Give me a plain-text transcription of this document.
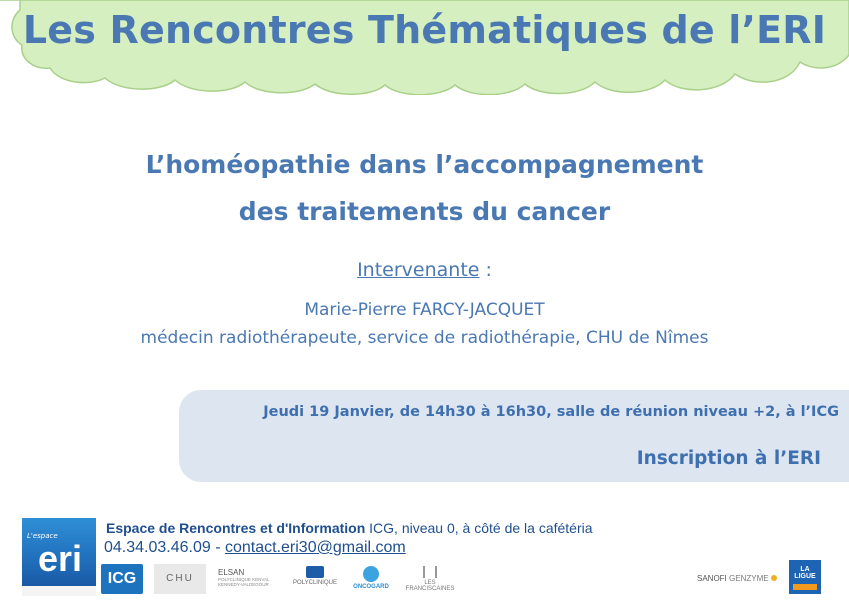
Les Rencontres Thématiques de l’ERI
L’homéopathie dans l’accompagnement
des traitements du cancer
Intervenante :
Marie-Pierre FARCY-JACQUET
médecin radiothérapeute, service de radiothérapie, CHU de Nîmes
Jeudi 19 Janvier, de 14h30 à 16h30, salle de réunion niveau +2, à l’ICG
Inscription à l’ERI
L'espace
eri
Espace de Rencontres et d'Information ICG, niveau 0, à côté de la cafétéria
04.34.03.46.09 - contact.eri30@gmail.com
ICG	CHU
ELSAN
POLYCLINIQUE KENVAL KENNEDY-VALDEGOUR	POLYCLINIQUE
ONCOGARD
LES FRANCISCAINES
SANOFI GENZYME
LA LIGUE
